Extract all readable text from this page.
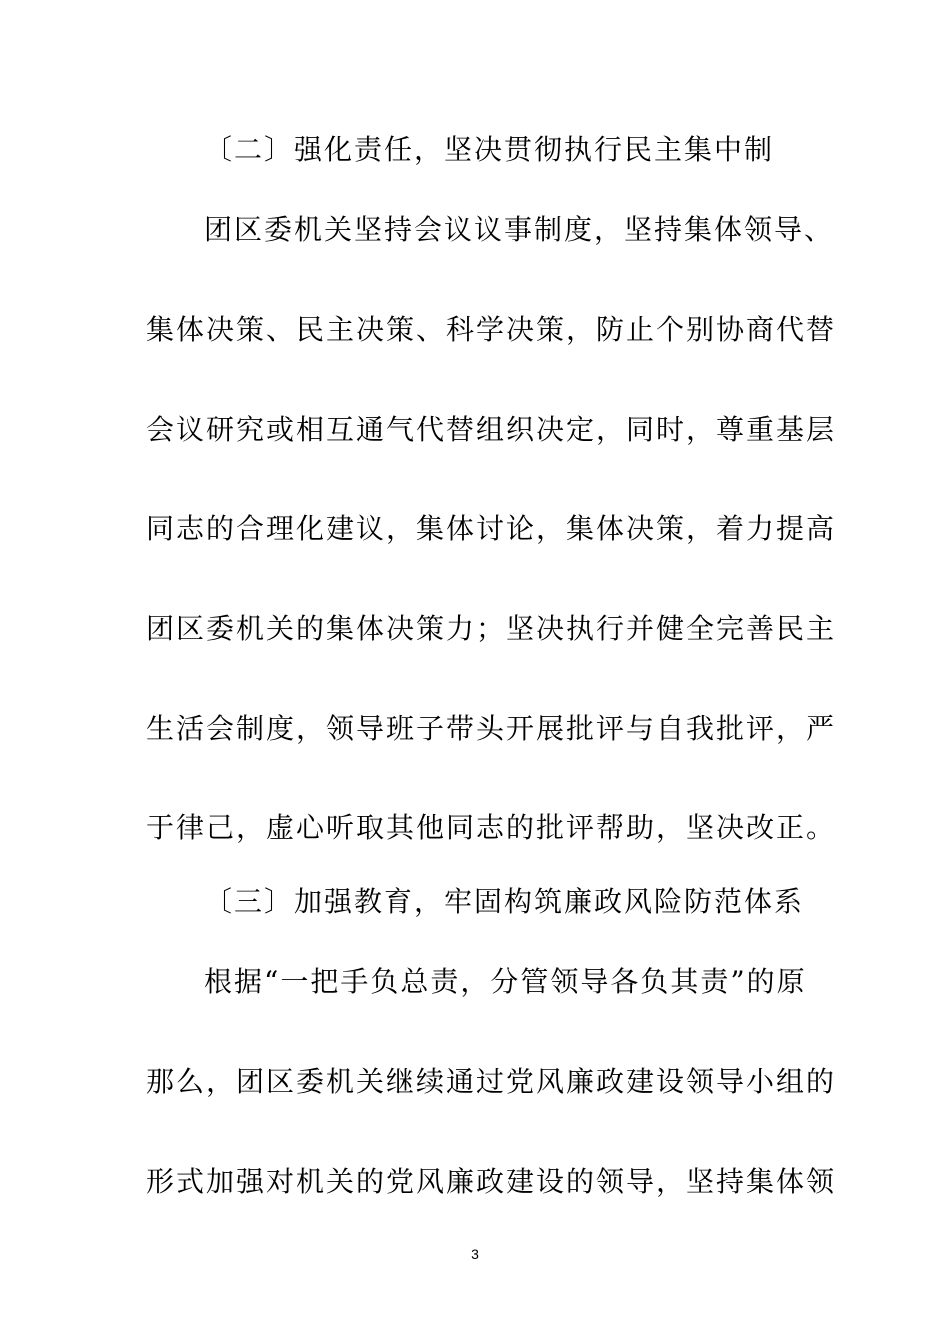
〔二〕强化责任，坚决贯彻执行民主集中制
团区委机关坚持会议议事制度，坚持集体领导、
集体决策、民主决策、科学决策，防止个别协商代替
会议研究或相互通气代替组织决定，同时，尊重基层
同志的合理化建议，集体讨论，集体决策，着力提高
团区委机关的集体决策力；坚决执行并健全完善民主
生活会制度，领导班子带头开展批评与自我批评，严
于律己，虚心听取其他同志的批评帮助，坚决改正。
〔三〕加强教育，牢固构筑廉政风险防范体系
根据“一把手负总责，分管领导各负其责”的原
那么，团区委机关继续通过党风廉政建设领导小组的
形式加强对机关的党风廉政建设的领导，坚持集体领
3
